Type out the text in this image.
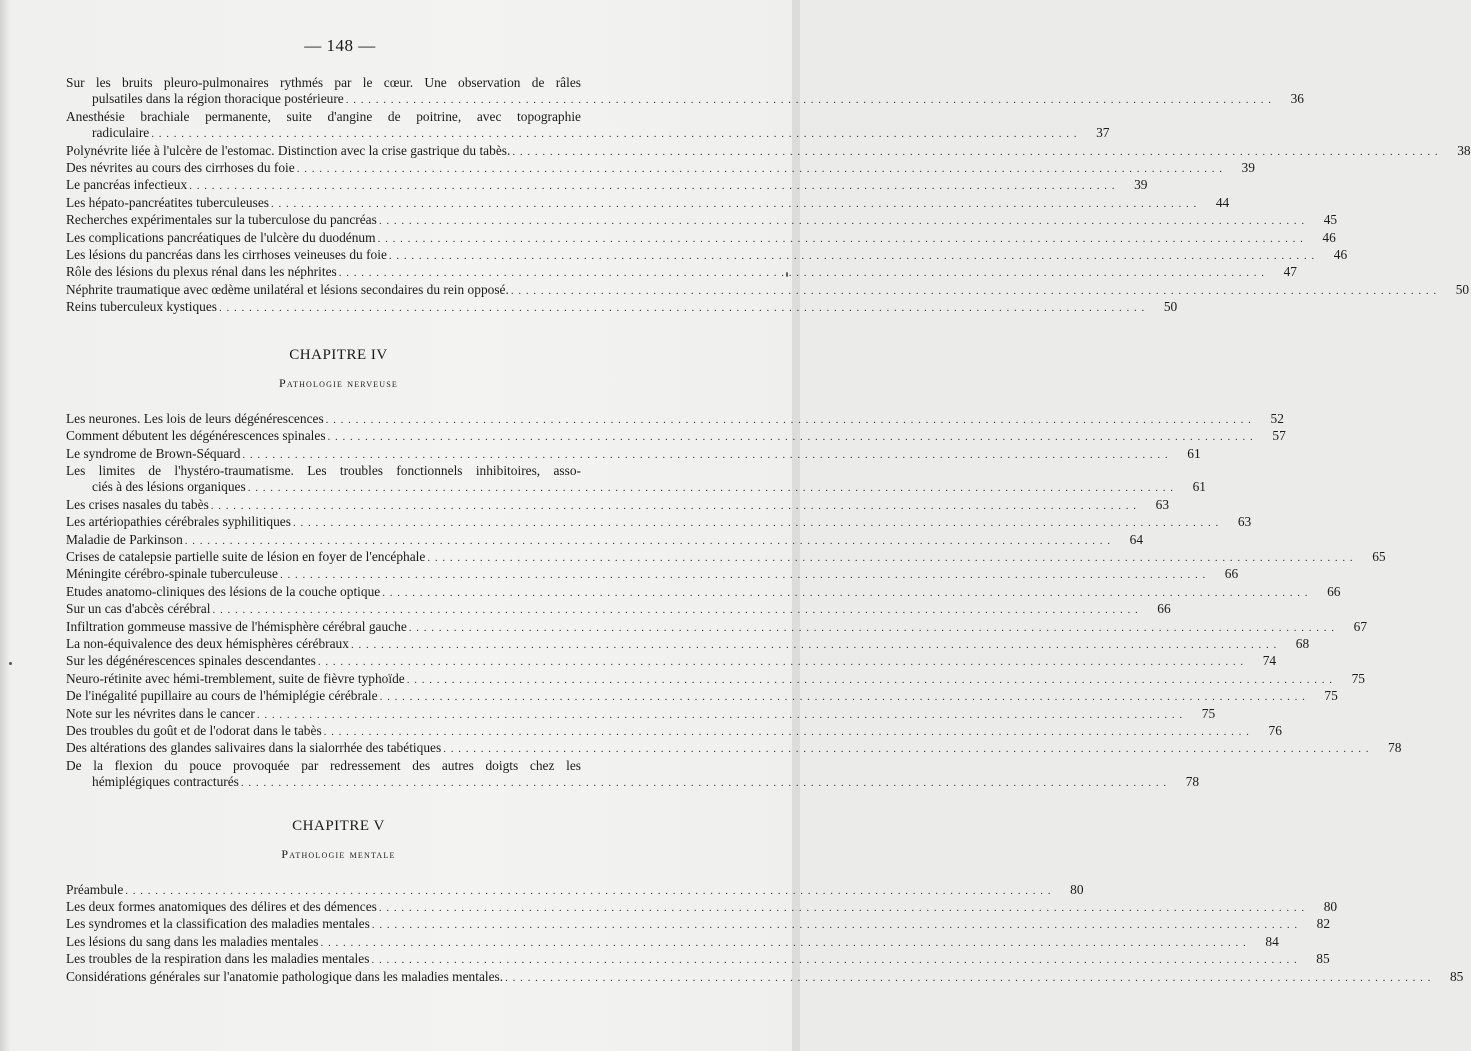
— 148 —
Sur les bruits pleuro-pulmonaires rythmés par le cœur. Une observation de râles
pulsatiles dans la région thoracique postérieure . . .	36
Anesthésie brachiale permanente, suite d'angine de poitrine, avec topographie
radiculaire . . .	37
Polynévrite liée à l'ulcère de l'estomac. Distinction avec la crise gastrique du tabès. . . .	38
Des névrites au cours des cirrhoses du foie . . .	39
Le pancréas infectieux . . .	39
Les hépato-pancréatites tuberculeuses . . .	44
Recherches expérimentales sur la tuberculose du pancréas . . .	45
Les complications pancréatiques de l'ulcère du duodénum . . .	46
Les lésions du pancréas dans les cirrhoses veineuses du foie . . .	46
Rôle des lésions du plexus rénal dans les néphrites . . .	47
Néphrite traumatique avec œdème unilatéral et lésions secondaires du rein opposé. . . .	50
Reins tuberculeux kystiques . . .	50
CHAPITRE IV
Pathologie nerveuse
Les neurones. Les lois de leurs dégénérescences . . .	52
Comment débutent les dégénérescences spinales . . .	57
Le syndrome de Brown-Séquard . . .	61
Les limites de l'hystéro-traumatisme. Les troubles fonctionnels inhibitoires, asso-
ciés à des lésions organiques . . .	61
Les crises nasales du tabès . . .	63
Les artériopathies cérébrales syphilitiques . . .	63
Maladie de Parkinson . . .	64
Crises de catalepsie partielle suite de lésion en foyer de l'encéphale . . .	65
Méningite cérébro-spinale tuberculeuse . . .	66
Etudes anatomo-cliniques des lésions de la couche optique . . .	66
Sur un cas d'abcès cérébral . . .	66
Infiltration gommeuse massive de l'hémisphère cérébral gauche . . .	67
La non-équivalence des deux hémisphères cérébraux . . .	68
Sur les dégénérescences spinales descendantes . . .	74
Neuro-rétinite avec hémi-tremblement, suite de fièvre typhoïde . . .	75
De l'inégalité pupillaire au cours de l'hémiplégie cérébrale . . .	75
Note sur les névrites dans le cancer . . .	75
Des troubles du goût et de l'odorat dans le tabès . . .	76
Des altérations des glandes salivaires dans la sialorrhée des tabétiques . . .	78
De la flexion du pouce provoquée par redressement des autres doigts chez les
hémiplégiques contracturés . . .	78
CHAPITRE V
Pathologie mentale
Préambule . . .	80
Les deux formes anatomiques des délires et des démences . . .	80
Les syndromes et la classification des maladies mentales . . .	82
Les lésions du sang dans les maladies mentales . . .	84
Les troubles de la respiration dans les maladies mentales . . .	85
Considérations générales sur l'anatomie pathologique dans les maladies mentales. . . .	85
